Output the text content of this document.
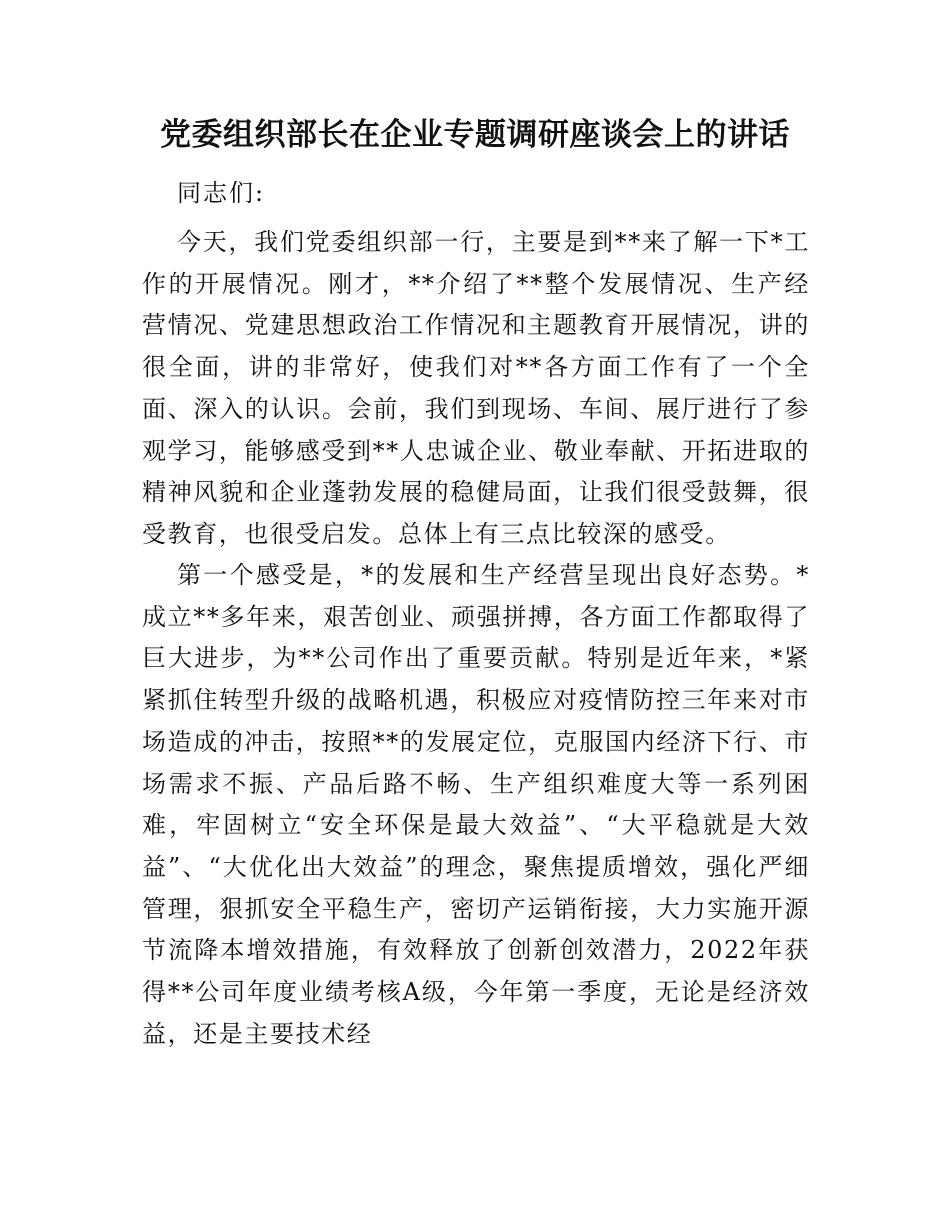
党委组织部长在企业专题调研座谈会上的讲话

同志们:

今天，我们党委组织部一行，主要是到**来了解一下*工作的开展情况。刚才，**介绍了**整个发展情况、生产经营情况、党建思想政治工作情况和主题教育开展情况，讲的很全面，讲的非常好，使我们对**各方面工作有了一个全面、深入的认识。会前，我们到现场、车间、展厅进行了参观学习，能够感受到**人忠诚企业、敬业奉献、开拓进取的精神风貌和企业蓬勃发展的稳健局面，让我们很受鼓舞，很受教育，也很受启发。总体上有三点比较深的感受。

第一个感受是，*的发展和生产经营呈现出良好态势。*成立**多年来，艰苦创业、顽强拼搏，各方面工作都取得了巨大进步，为**公司作出了重要贡献。特别是近年来，*紧紧抓住转型升级的战略机遇，积极应对疫情防控三年来对市场造成的冲击，按照**的发展定位，克服国内经济下行、市场需求不振、产品后路不畅、生产组织难度大等一系列困难，牢固树立“安全环保是最大效益”、“大平稳就是大效益”、“大优化出大效益”的理念，聚焦提质增效，强化严细管理，狠抓安全平稳生产，密切产运销衔接，大力实施开源节流降本增效措施，有效释放了创新创效潜力，2022年获得**公司年度业绩考核A级，今年第一季度，无论是经济效益，还是主要技术经
